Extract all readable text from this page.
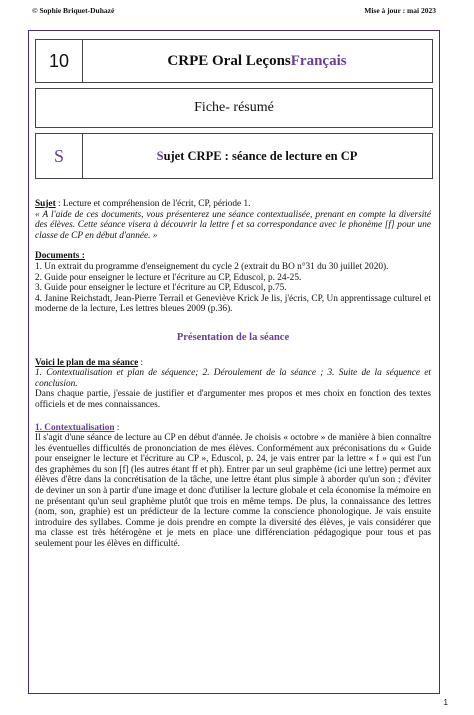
© Sophie Briquet-Duhazé	Mise à jour : mai 2023
10	CRPE Oral Leçons Français
Fiche- résumé
S	S ujet CRPE : séance de lecture en CP

Sujet : Lecture et compréhension de l'écrit, CP, période 1.
« A l'aide de ces documents, vous présenterez une séance contextualisée, prenant en compte la diversité des élèves. Cette séance visera à découvrir la lettre f et sa correspondance avec le phonème [f] pour une classe de CP en début d'année. »

Documents :
1. Un extrait du programme d'enseignement du cycle 2 (extrait du BO n°31 du 30 juillet 2020).
2. Guide pour enseigner le lecture et l'écriture au CP, Eduscol, p. 24-25.
3. Guide pour enseigner le lecture et l'écriture au CP, Eduscol, p.75.
4. Janine Reichstadt, Jean-Pierre Terrail et Geneviève Krick Je lis, j'écris, CP, Un apprentissage culturel et moderne de la lecture, Les lettres bleues 2009 (p.36).

Présentation de la séance

Voici le plan de ma séance :
1. Contextualisation et plan de séquence; 2. Déroulement de la séance ; 3. Suite de la séquence et conclusion.
Dans chaque partie, j'essaie de justifier et d'argumenter mes propos et mes choix en fonction des textes officiels et de mes connaissances.

1. Contextualisation :
Il s'agit d'une séance de lecture au CP en début d'année. Je choisis « octobre » de manière à bien connaître les éventuelles difficultés de prononciation de mes élèves. Conformément aux préconisations du « Guide pour enseigner le lecture et l'écriture au CP », Eduscol, p. 24, je vais entrer par la lettre « f » qui est l'un des graphèmes du son [f] (les autres étant ff et ph). Entrer par un seul graphème (ici une lettre) permet aux élèves d'être dans la concrétisation de la tâche, une lettre étant plus simple à aborder qu'un son ; d'éviter de deviner un son à partir d'une image et donc d'utiliser la lecture globale et cela économise la mémoire en ne présentant qu'un seul graphème plutôt que trois en même temps. De plus, la connaissance des lettres (nom, son, graphie) est un prédicteur de la lecture comme la conscience phonologique. Je vais ensuite introduire des syllabes. Comme je dois prendre en compte la diversité des élèves, je vais considérer que ma classe est très hétérogène et je mets en place une différenciation pédagogique pour tous et pas seulement pour les élèves en difficulté.

1
